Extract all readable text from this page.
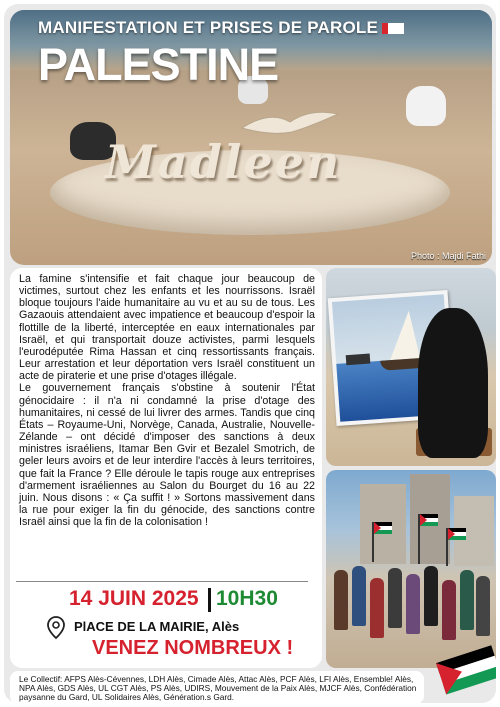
Madleen
MANIFESTATION ET PRISES DE PAROLE
PALESTINE
Photo : Majdi Fathi

La famine s'intensifie et fait chaque jour beaucoup de victimes, surtout chez les enfants et les nourrissons. Israël bloque toujours l'aide humanitaire au vu et au su de tous. Les Gazaouis attendaient avec impatience et beaucoup d'espoir la flottille de la liberté, interceptée en eaux internationales par Israël, et qui transportait douze activistes, parmi lesquels l'eurodéputée Rima Hassan et cinq ressortissants français. Leur arrestation et leur déportation vers Israël constituent un acte de piraterie et une prise d'otages illégale.

Le gouvernement français s'obstine à soutenir l'État génocidaire : il n'a ni condamné la prise d'otage des humanitaires, ni cessé de lui livrer des armes. Tandis que cinq États – Royaume-Uni, Norvège, Canada, Australie, Nouvelle-Zélande – ont décidé d'imposer des sanctions à deux ministres israéliens, Itamar Ben Gvir et Bezalel Smotrich, de geler leurs avoirs et de leur interdire l'accès à leurs territoires, que fait la France ? Elle déroule le tapis rouge aux entreprises d'armement israéliennes au Salon du Bourget du 16 au 22 juin. Nous disons : « Ça suffit ! » Sortons massivement dans la rue pour exiger la fin du génocide, des sanctions contre Israël ainsi que la fin de la colonisation !

14 JUIN 2025 10H30
PlACE DE LA MAIRIE, Alès
VENEZ NOMBREUX !
Le Collectif: AFPS Alès-Cévennes, LDH Alès, Cimade Alès, Attac Alès, PCF Alès, LFI Alès, Ensemble! Alès, NPA Alès, GDS Alès, UL CGT Alès, PS Alès, UDIRS, Mouvement de la Paix Alès, MJCF Alès, Confédération paysanne du Gard, UL Solidaires Alès, Génération.s Gard.
